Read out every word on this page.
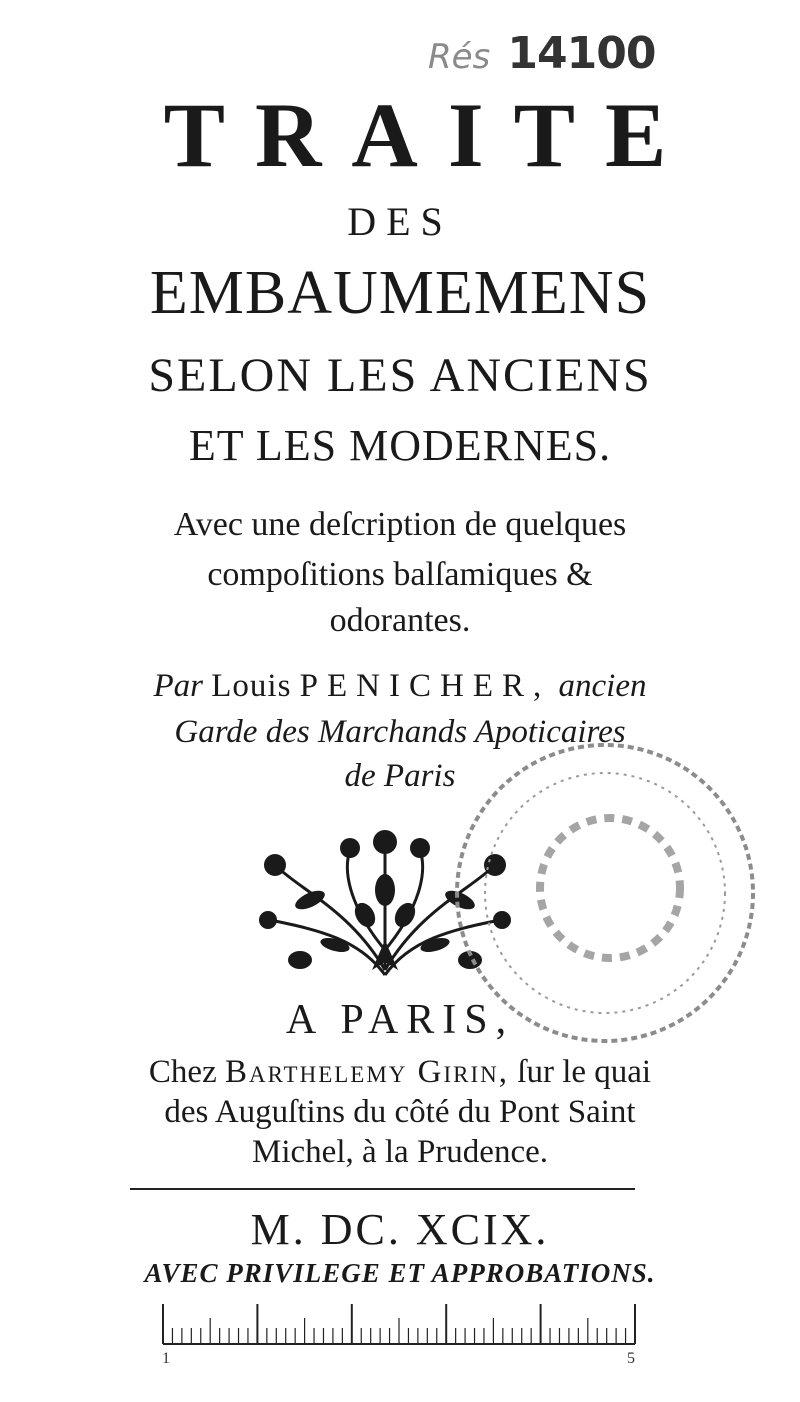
Rés 14100
TRAITE
DES
EMBAUMEMENS
SELON LES ANCIENS
ET LES MODERNES.
Avec une deſcription de quelques
compoſitions balſamiques &
odorantes.
Par Louis PENICHER, ancien
Garde des Marchands Apoticaires
de Paris
A PARIS,
Chez Barthelemy Girin, ſur le quai
des Auguſtins du côté du Pont Saint
Michel, à la Prudence.
M. DC. XCIX.
AVEC PRIVILEGE ET APPROBATIONS.
1	5
